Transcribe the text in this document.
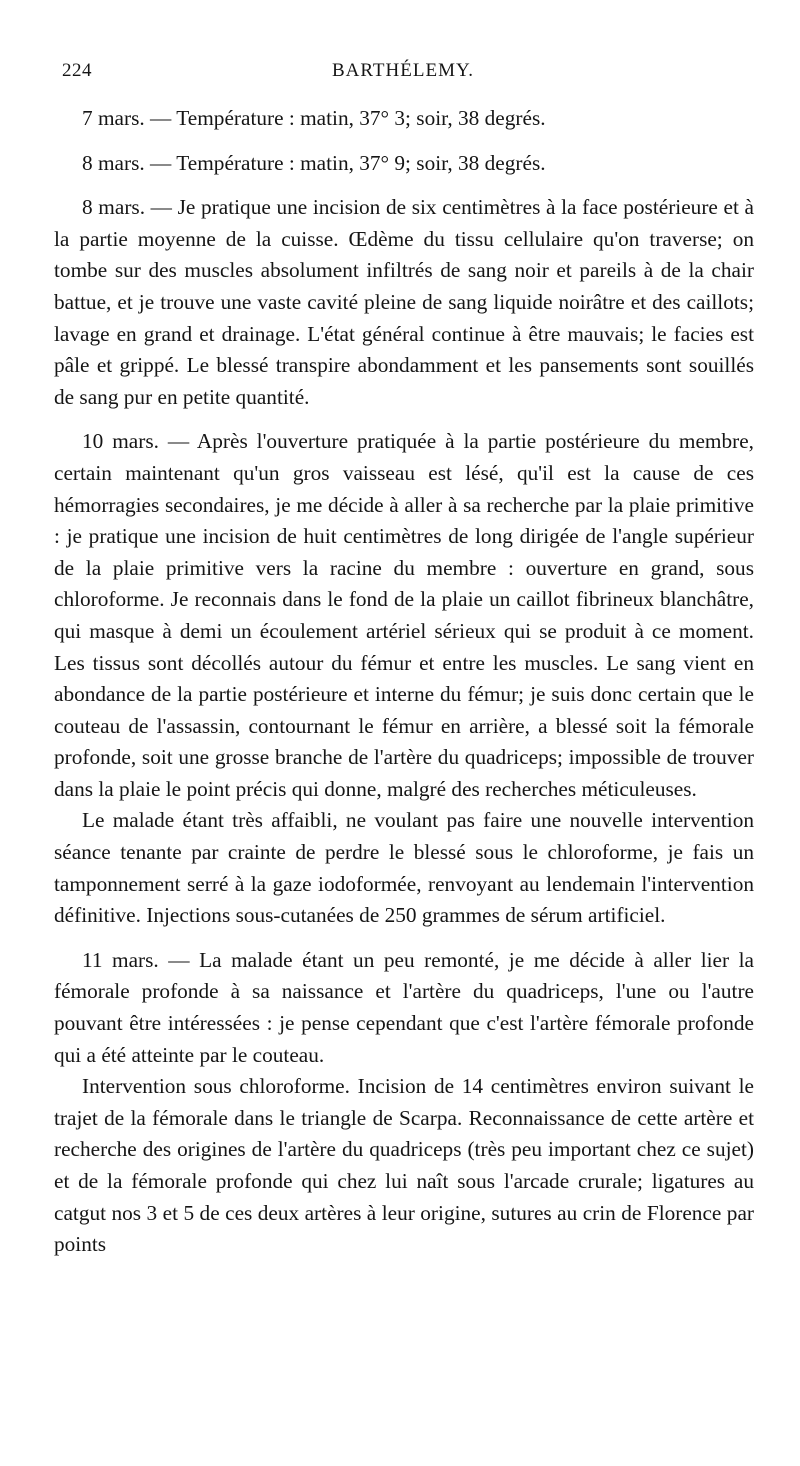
224	BARTHÉLEMY.

7 mars. — Température : matin, 37° 3; soir, 38 degrés.

8 mars. — Température : matin, 37° 9; soir, 38 degrés.

8 mars. — Je pratique une incision de six centimètres à la face postérieure et à la partie moyenne de la cuisse. Œdème du tissu cellulaire qu'on traverse; on tombe sur des muscles absolument infiltrés de sang noir et pareils à de la chair battue, et je trouve une vaste cavité pleine de sang liquide noirâtre et des caillots; lavage en grand et drainage. L'état général continue à être mauvais; le facies est pâle et grippé. Le blessé transpire abondamment et les pansements sont souillés de sang pur en petite quantité.

10 mars. — Après l'ouverture pratiquée à la partie postérieure du membre, certain maintenant qu'un gros vaisseau est lésé, qu'il est la cause de ces hémorragies secondaires, je me décide à aller à sa recherche par la plaie primitive : je pratique une incision de huit centimètres de long dirigée de l'angle supérieur de la plaie primitive vers la racine du membre : ouverture en grand, sous chloroforme. Je reconnais dans le fond de la plaie un caillot fibrineux blanchâtre, qui masque à demi un écoulement artériel sérieux qui se produit à ce moment. Les tissus sont décollés autour du fémur et entre les muscles. Le sang vient en abondance de la partie postérieure et interne du fémur; je suis donc certain que le couteau de l'assassin, contournant le fémur en arrière, a blessé soit la fémorale profonde, soit une grosse branche de l'artère du quadriceps; impossible de trouver dans la plaie le point précis qui donne, malgré des recherches méticuleuses.

Le malade étant très affaibli, ne voulant pas faire une nouvelle intervention séance tenante par crainte de perdre le blessé sous le chloroforme, je fais un tamponnement serré à la gaze iodoformée, renvoyant au lendemain l'intervention définitive. Injections sous-cutanées de 250 grammes de sérum artificiel.

11 mars. — La malade étant un peu remonté, je me décide à aller lier la fémorale profonde à sa naissance et l'artère du quadriceps, l'une ou l'autre pouvant être intéressées : je pense cependant que c'est l'artère fémorale profonde qui a été atteinte par le couteau.

Intervention sous chloroforme. Incision de 14 centimètres environ suivant le trajet de la fémorale dans le triangle de Scarpa. Reconnaissance de cette artère et recherche des origines de l'artère du quadriceps (très peu important chez ce sujet) et de la fémorale profonde qui chez lui naît sous l'arcade crurale; ligatures au catgut nos 3 et 5 de ces deux artères à leur origine, sutures au crin de Florence par points
